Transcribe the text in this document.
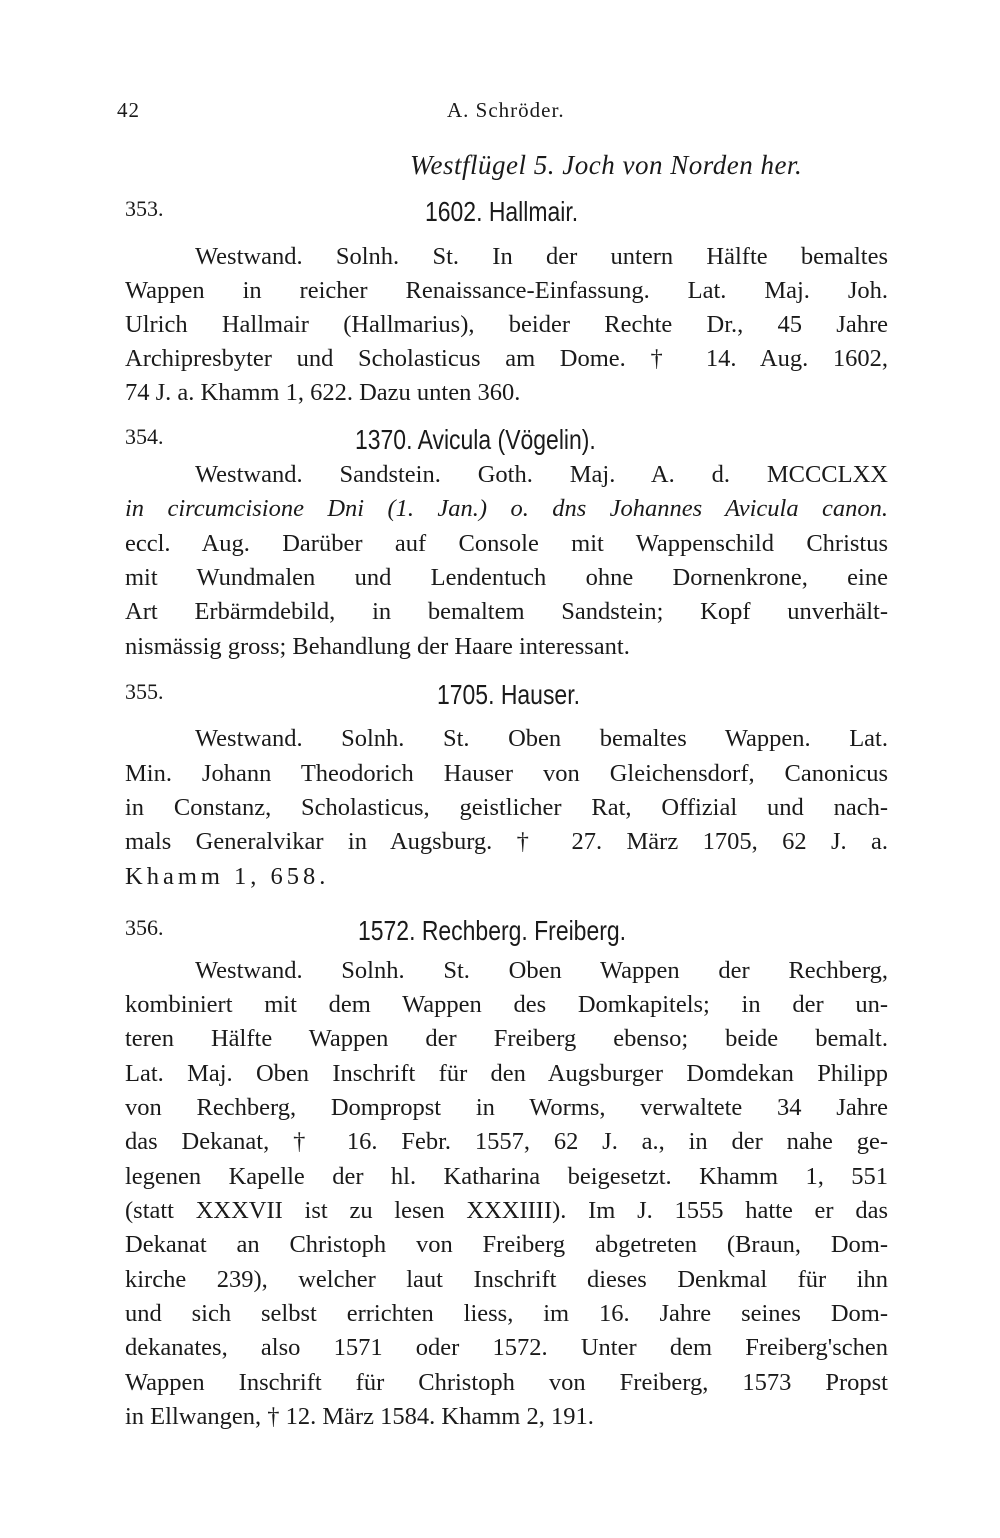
42	A. Schröder.
Westflügel 5. Joch von Norden her.
353.	1602. Hallmair.
Westwand. Solnh. St. In der untern Hälfte bemaltes
Wappen in reicher Renaissance-Einfassung. Lat. Maj. Joh.
Ulrich Hallmair (Hallmarius), beider Rechte Dr., 45 Jahre
Archipresbyter und Scholasticus am Dome. † 14. Aug. 1602,
74 J. a. Khamm 1, 622. Dazu unten 360.
354.	1370. Avicula (Vögelin).
Westwand. Sandstein. Goth. Maj. A. d. MCCCLXX
in circumcisione Dni (1. Jan.) o. dns Johannes Avicula canon.
eccl. Aug. Darüber auf Console mit Wappenschild Christus
mit Wundmalen und Lendentuch ohne Dornenkrone, eine
Art Erbärmdebild, in bemaltem Sandstein; Kopf unverhält-
nismässig gross; Behandlung der Haare interessant.
355.	1705. Hauser.
Westwand. Solnh. St. Oben bemaltes Wappen. Lat.
Min. Johann Theodorich Hauser von Gleichensdorf, Canonicus
in Constanz, Scholasticus, geistlicher Rat, Offizial und nach-
mals Generalvikar in Augsburg. † 27. März 1705, 62 J. a.
Khamm 1, 658.
356.	1572. Rechberg. Freiberg.
Westwand. Solnh. St. Oben Wappen der Rechberg,
kombiniert mit dem Wappen des Domkapitels; in der un-
teren Hälfte Wappen der Freiberg ebenso; beide bemalt.
Lat. Maj. Oben Inschrift für den Augsburger Domdekan Philipp
von Rechberg, Dompropst in Worms, verwaltete 34 Jahre
das Dekanat, † 16. Febr. 1557, 62 J. a., in der nahe ge-
legenen Kapelle der hl. Katharina beigesetzt. Khamm 1, 551
(statt XXXVII ist zu lesen XXXIIII). Im J. 1555 hatte er das
Dekanat an Christoph von Freiberg abgetreten (Braun, Dom-
kirche 239), welcher laut Inschrift dieses Denkmal für ihn
und sich selbst errichten liess, im 16. Jahre seines Dom-
dekanates, also 1571 oder 1572. Unter dem Freiberg'schen
Wappen Inschrift für Christoph von Freiberg, 1573 Propst
in Ellwangen, † 12. März 1584. Khamm 2, 191.
